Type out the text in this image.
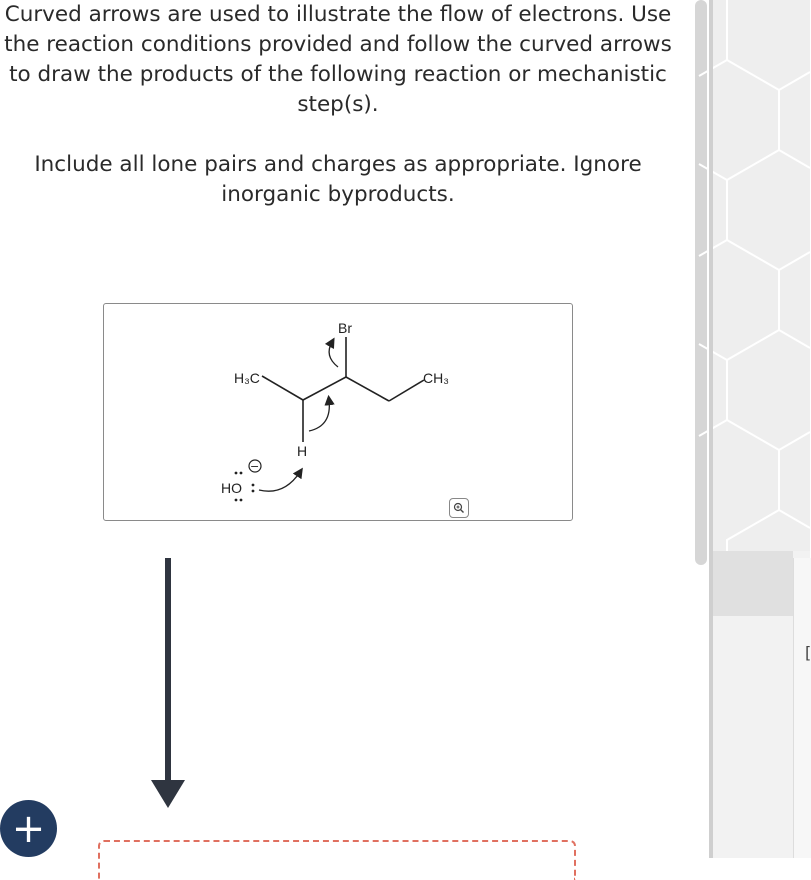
Curved arrows are used to illustrate the flow of electrons. Use the reaction conditions provided and follow the curved arrows to draw the products of the following reaction or mechanistic step(s).

Include all lone pairs and charges as appropriate. Ignore inorganic byproducts.

Br
H₃C	CH₃
H
HO
−
+
[
